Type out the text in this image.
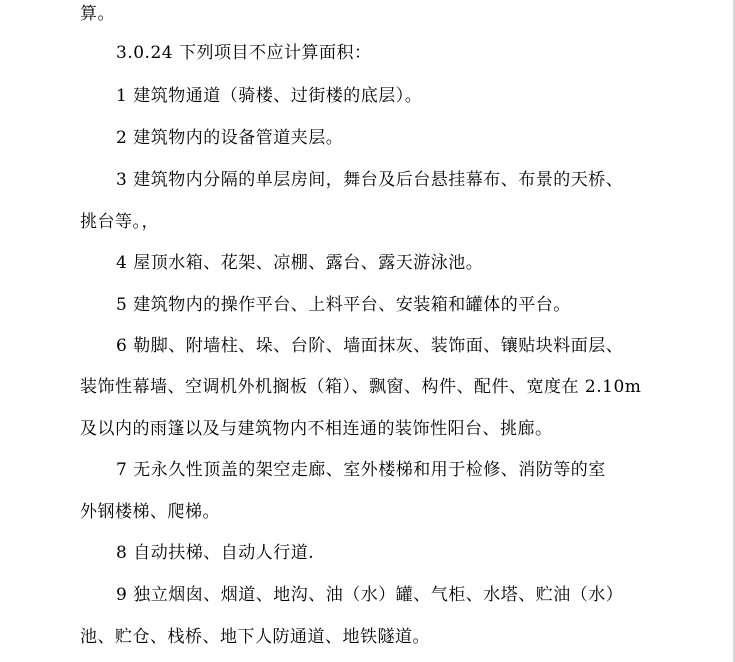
算。
3.0.24 下列项目不应计算面积：
1 建筑物通道（骑楼、过街楼的底层）。
2 建筑物内的设备管道夹层。
3 建筑物内分隔的单层房间，舞台及后台悬挂幕布、布景的天桥、
挑台等。，
4 屋顶水箱、花架、凉棚、露台、露天游泳池。
5 建筑物内的操作平台、上料平台、安装箱和罐体的平台。
6 勒脚、附墙柱、垛、台阶、墙面抹灰、装饰面、镶贴块料面层、
装饰性幕墙、空调机外机搁板（箱）、飘窗、构件、配件、宽度在 2.10m
及以内的雨篷以及与建筑物内不相连通的装饰性阳台、挑廊。
7 无永久性顶盖的架空走廊、室外楼梯和用于检修、消防等的室
外钢楼梯、爬梯。
8 自动扶梯、自动人行道.
9 独立烟囱、烟道、地沟、油（水）罐、气柜、水塔、贮油（水）
池、贮仓、栈桥、地下人防通道、地铁隧道。
